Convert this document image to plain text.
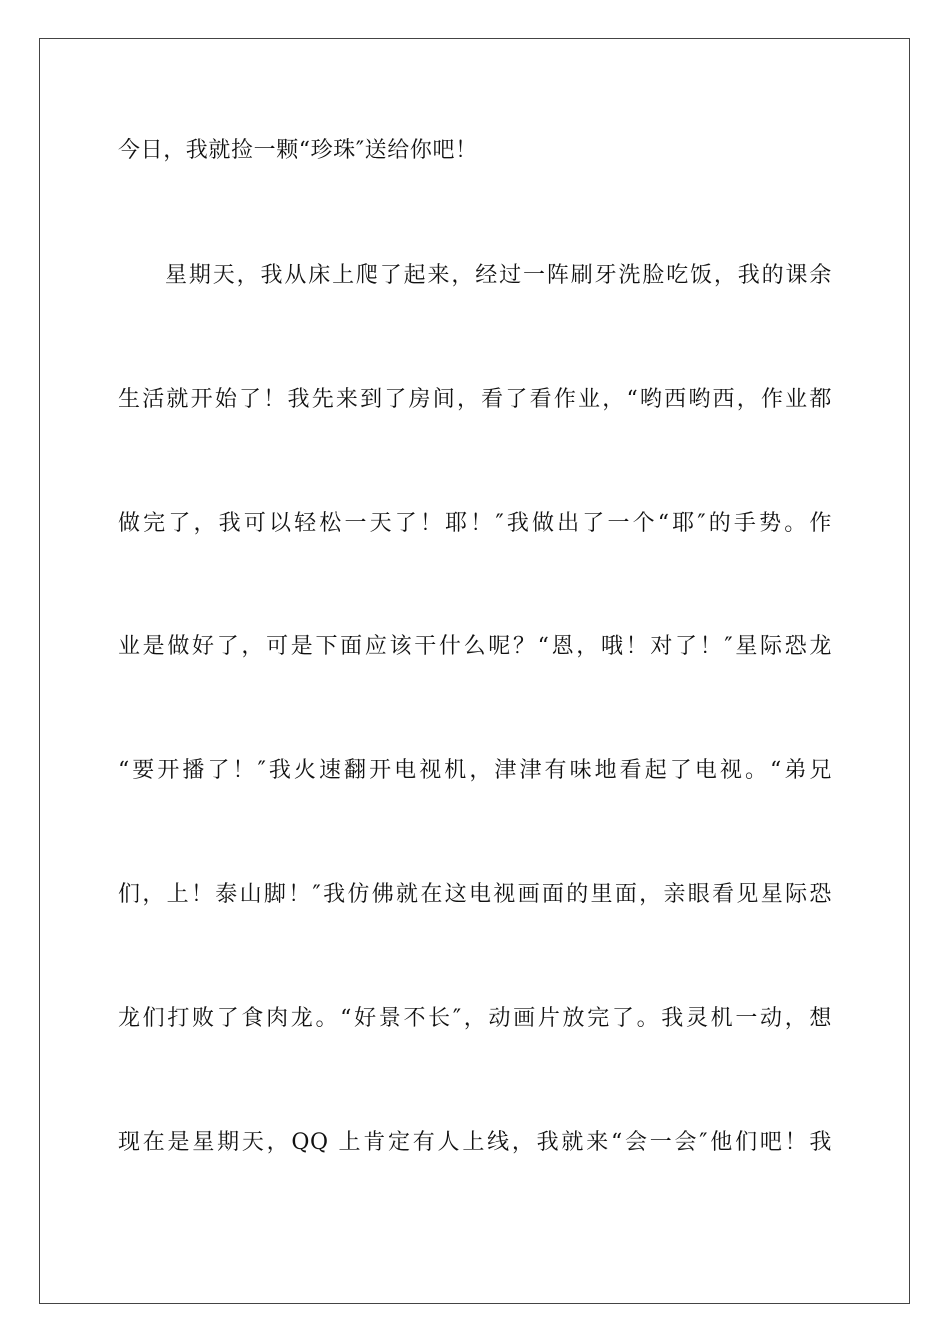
今日，我就捡一颗“珍珠″送给你吧！
星期天，我从床上爬了起来，经过一阵刷牙洗脸吃饭，我的课余
生活就开始了！我先来到了房间，看了看作业，“哟西哟西，作业都
做完了，我可以轻松一天了！耶！″我做出了一个“耶″的手势。作
业是做好了，可是下面应该干什么呢？“恩，哦！对了！″星际恐龙
“要开播了！″我火速翻开电视机，津津有味地看起了电视。“弟兄
们，上！泰山脚！″我仿佛就在这电视画面的里面，亲眼看见星际恐
龙们打败了食肉龙。“好景不长″，动画片放完了。我灵机一动，想
现在是星期天，QQ 上肯定有人上线，我就来“会一会″他们吧！我
